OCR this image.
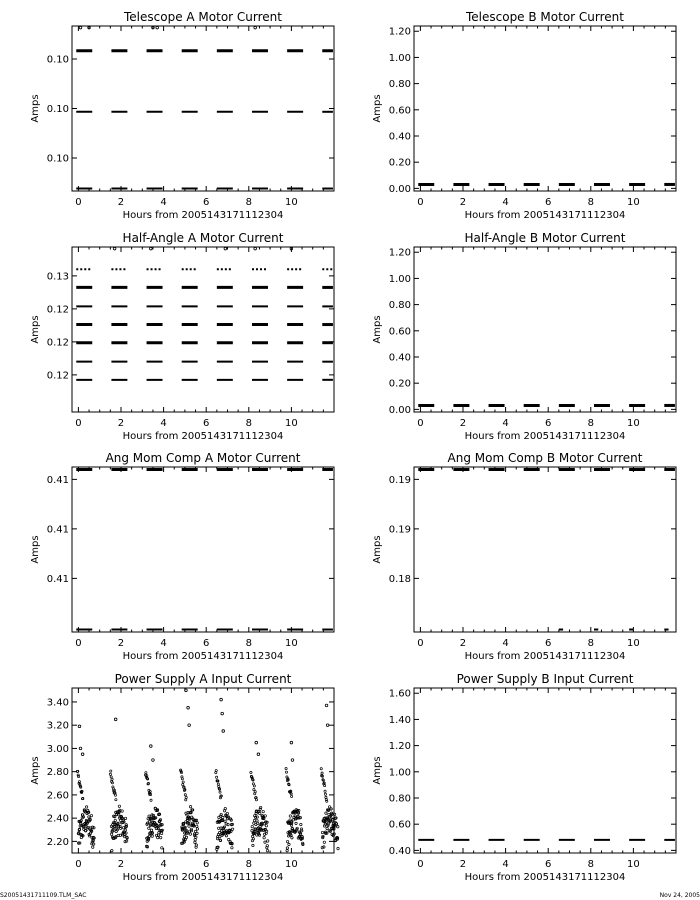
Telescope A Motor Current
0	2	4	6	8	10
0.10
0.10
0.10
Hours from 2005143171112304
Amps
Telescope B Motor Current
0	2	4	6	8	10
0.00
0.20
0.40
0.60
0.80
1.00
1.20
Hours from 2005143171112304
Amps
Half-Angle A Motor Current
0	2	4	6	8	10
0.12
0.12
0.12
0.13
Hours from 2005143171112304
Amps
Half-Angle B Motor Current
0	2	4	6	8	10
0.00
0.20
0.40
0.60
0.80
1.00
1.20
Hours from 2005143171112304
Amps
Ang Mom Comp A Motor Current
0	2	4	6	8	10
0.41
0.41
0.41
Hours from 2005143171112304
Amps
Ang Mom Comp B Motor Current
0	2	4	6	8	10
0.18
0.19
0.19
Hours from 2005143171112304
Amps
Power Supply A Input Current
0	2	4	6	8	10
2.20
2.40
2.60
2.80
3.00
3.20
3.40
Hours from 2005143171112304
Amps
Power Supply B Input Current
0	2	4	6	8	10
0.40
0.60
0.80
1.00
1.20
1.40
1.60
Hours from 2005143171112304
Amps
S20051431711109.TLM_SAC	Nov 24, 2005
